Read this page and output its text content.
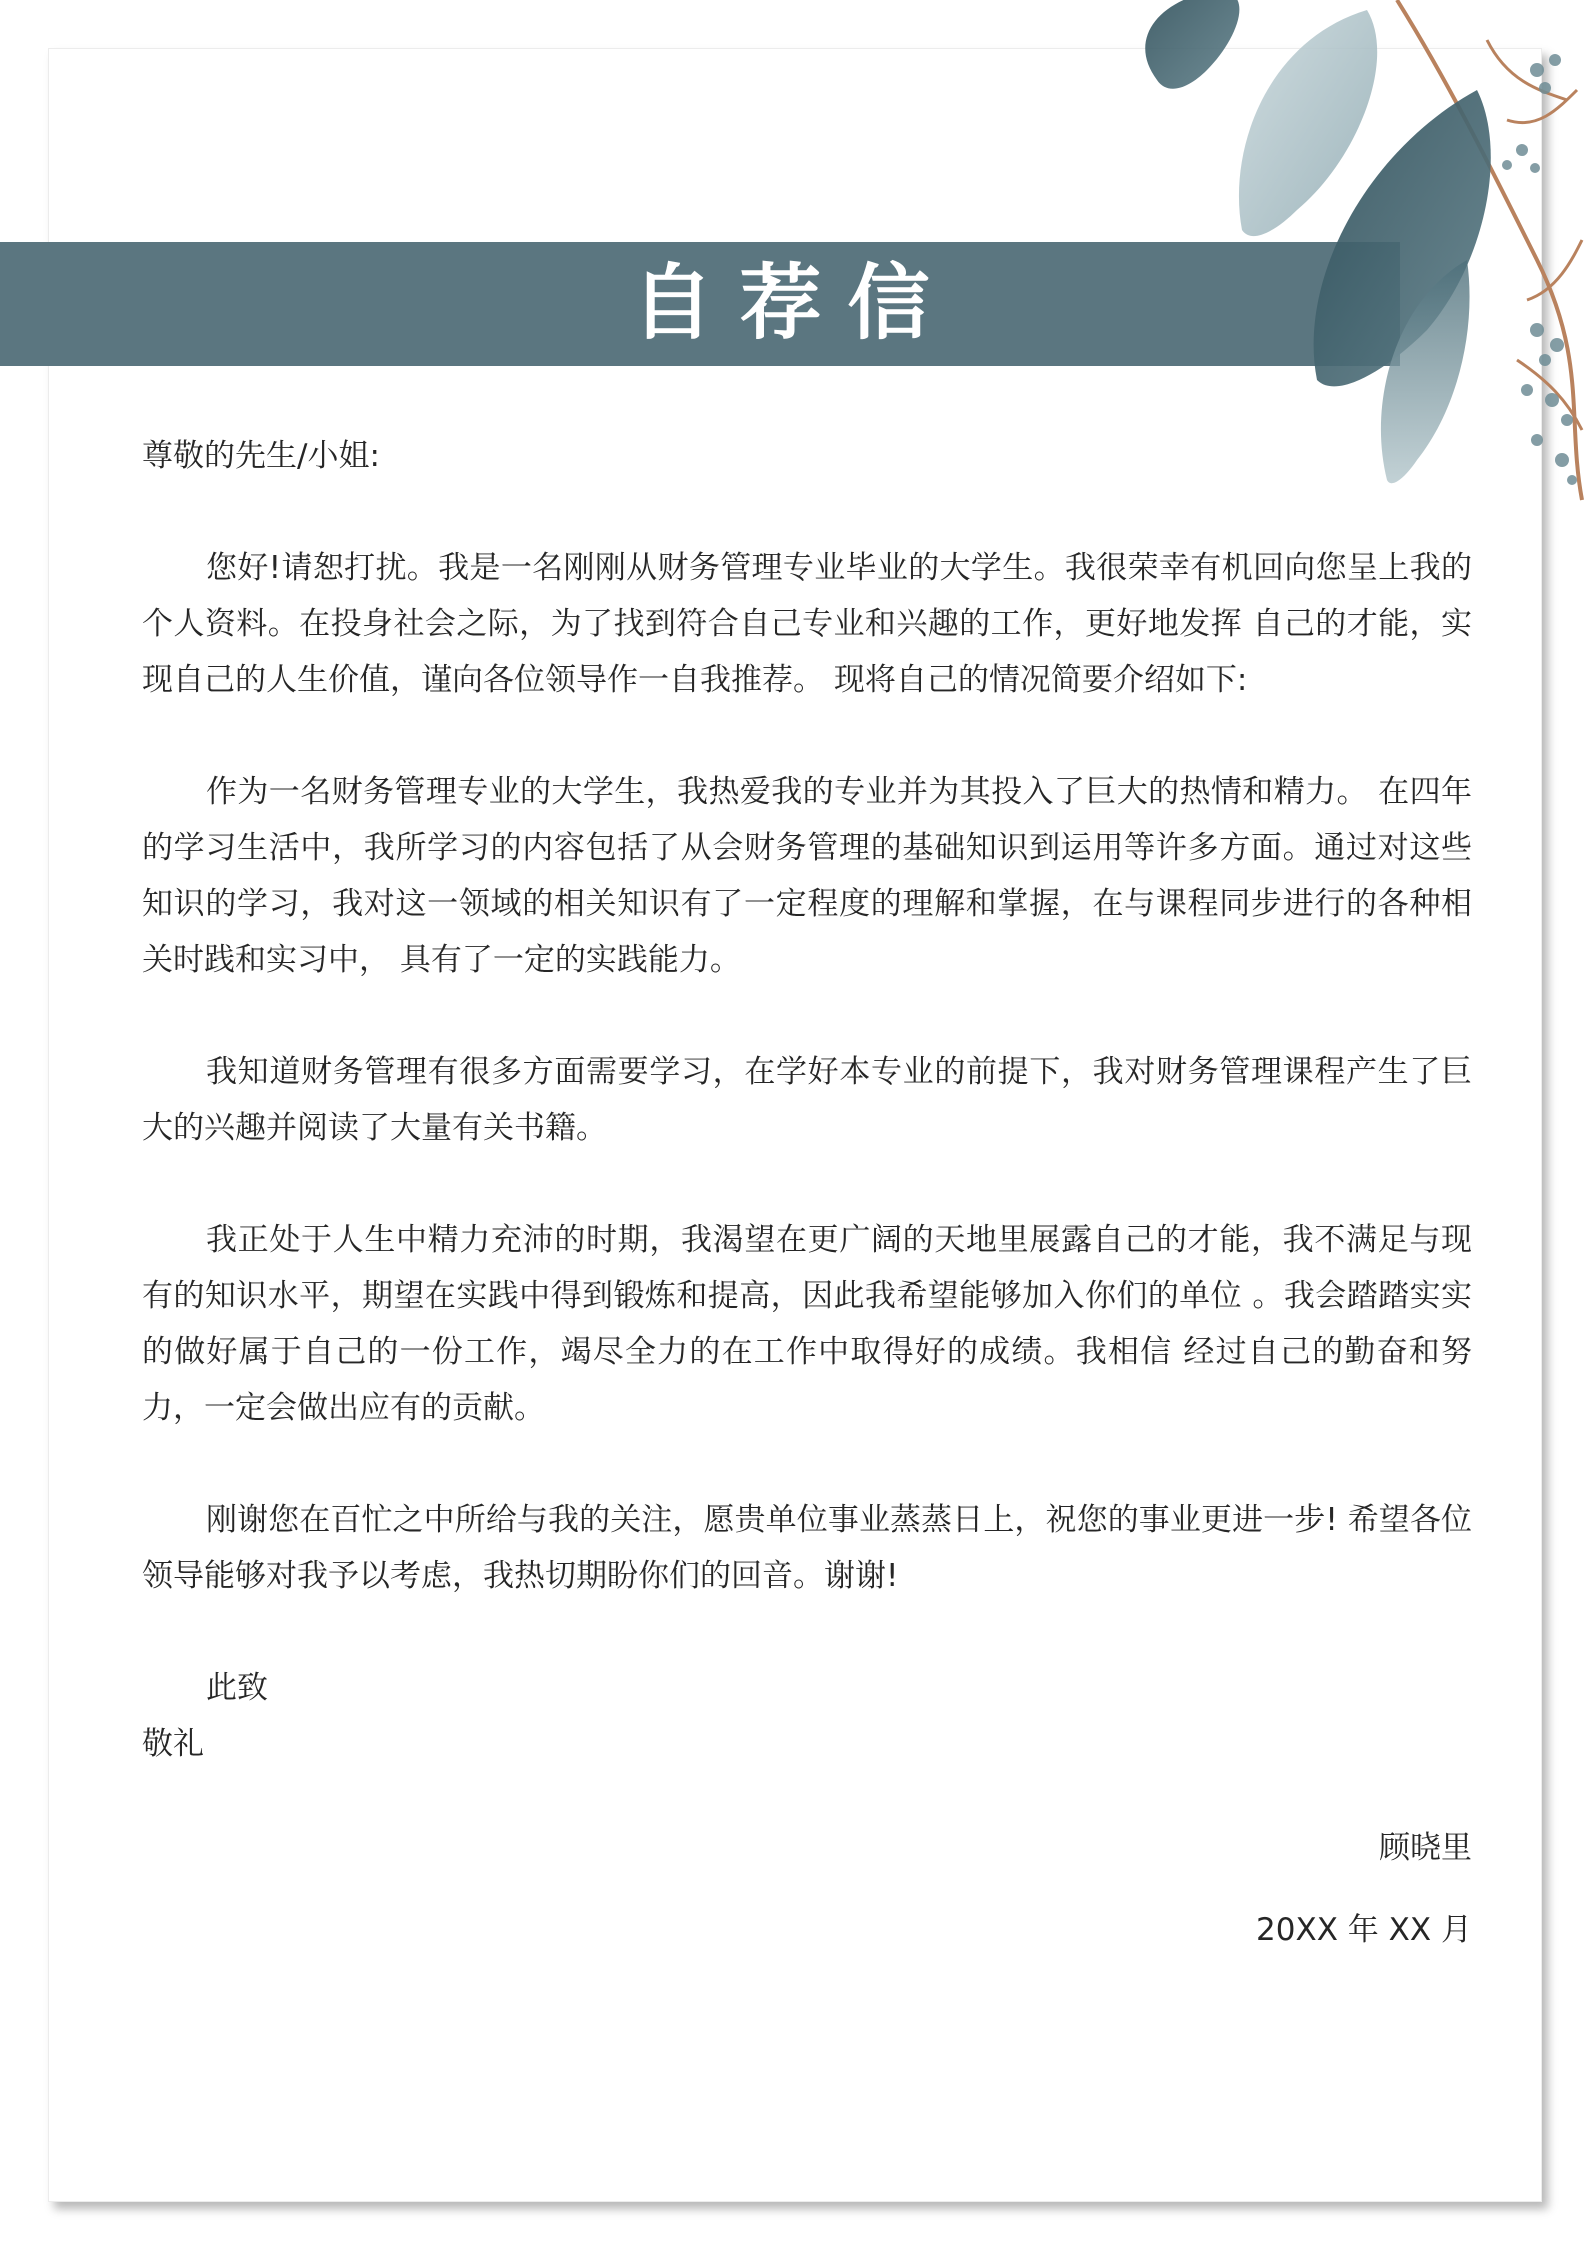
自荐信
尊敬的先生/小姐:

您好!请恕打扰。我是一名刚刚从财务管理专业毕业的大学生。我很荣幸有机回向您呈上我的个人资料。在投身社会之际，为了找到符合自己专业和兴趣的工作，更好地发挥 自己的才能，实现自己的人生价值，谨向各位领导作一自我推荐。 现将自己的情况简要介绍如下:

作为一名财务管理专业的大学生，我热爱我的专业并为其投入了巨大的热情和精力。 在四年的学习生活中，我所学习的内容包括了从会财务管理的基础知识到运用等许多方面。通过对这些知识的学习，我对这一领域的相关知识有了一定程度的理解和掌握，在与课程同步进行的各种相关时践和实习中， 具有了一定的实践能力。

我知道财务管理有很多方面需要学习，在学好本专业的前提下，我对财务管理课程产生了巨大的兴趣并阅读了大量有关书籍。

我正处于人生中精力充沛的时期，我渴望在更广阔的天地里展露自己的才能，我不满足与现有的知识水平，期望在实践中得到锻炼和提高，因此我希望能够加入你们的单位 。我会踏踏实实的做好属于自己的一份工作，竭尽全力的在工作中取得好的成绩。我相信 经过自己的勤奋和努力，一定会做出应有的贡献。

刚谢您在百忙之中所给与我的关注，愿贵单位事业蒸蒸日上，祝您的事业更进一步! 希望各位领导能够对我予以考虑，我热切期盼你们的回音。谢谢!

此致
敬礼
顾晓里
20XX 年 XX 月
